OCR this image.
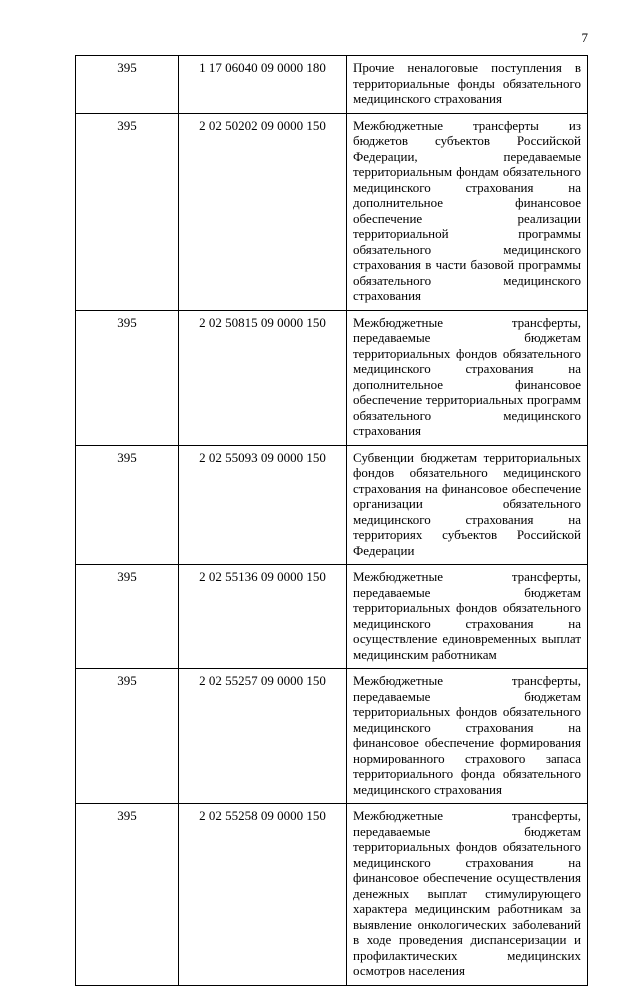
7
395	1 17 06040 09 0000 180	Прочие неналоговые поступления в территориальные фонды обязательного медицинского страхования
395	2 02 50202 09 0000 150	Межбюджетные трансферты из бюджетов субъектов Российской Федерации, передаваемые территориальным фондам обязательного медицинского страхования на дополнительное финансовое обеспечение реализации территориальной программы обязательного медицинского страхования в части базовой программы обязательного медицинского страхования
395	2 02 50815 09 0000 150	Межбюджетные трансферты, передаваемые бюджетам территориальных фондов обязательного медицинского страхования на дополнительное финансовое обеспечение территориальных программ обязательного медицинского страхования
395	2 02 55093 09 0000 150	Субвенции бюджетам территориальных фондов обязательного медицинского страхования на финансовое обеспечение организации обязательного медицинского страхования на территориях субъектов Российской Федерации
395	2 02 55136 09 0000 150	Межбюджетные трансферты, передаваемые бюджетам территориальных фондов обязательного медицинского страхования на осуществление единовременных выплат медицинским работникам
395	2 02 55257 09 0000 150	Межбюджетные трансферты, передаваемые бюджетам территориальных фондов обязательного медицинского страхования на финансовое обеспечение формирования нормированного страхового запаса территориального фонда обязательного медицинского страхования
395	2 02 55258 09 0000 150	Межбюджетные трансферты, передаваемые бюджетам территориальных фондов обязательного медицинского страхования на финансовое обеспечение осуществления денежных выплат стимулирующего характера медицинским работникам за выявление онкологических заболеваний в ходе проведения диспансеризации и профилактических медицинских осмотров населения
